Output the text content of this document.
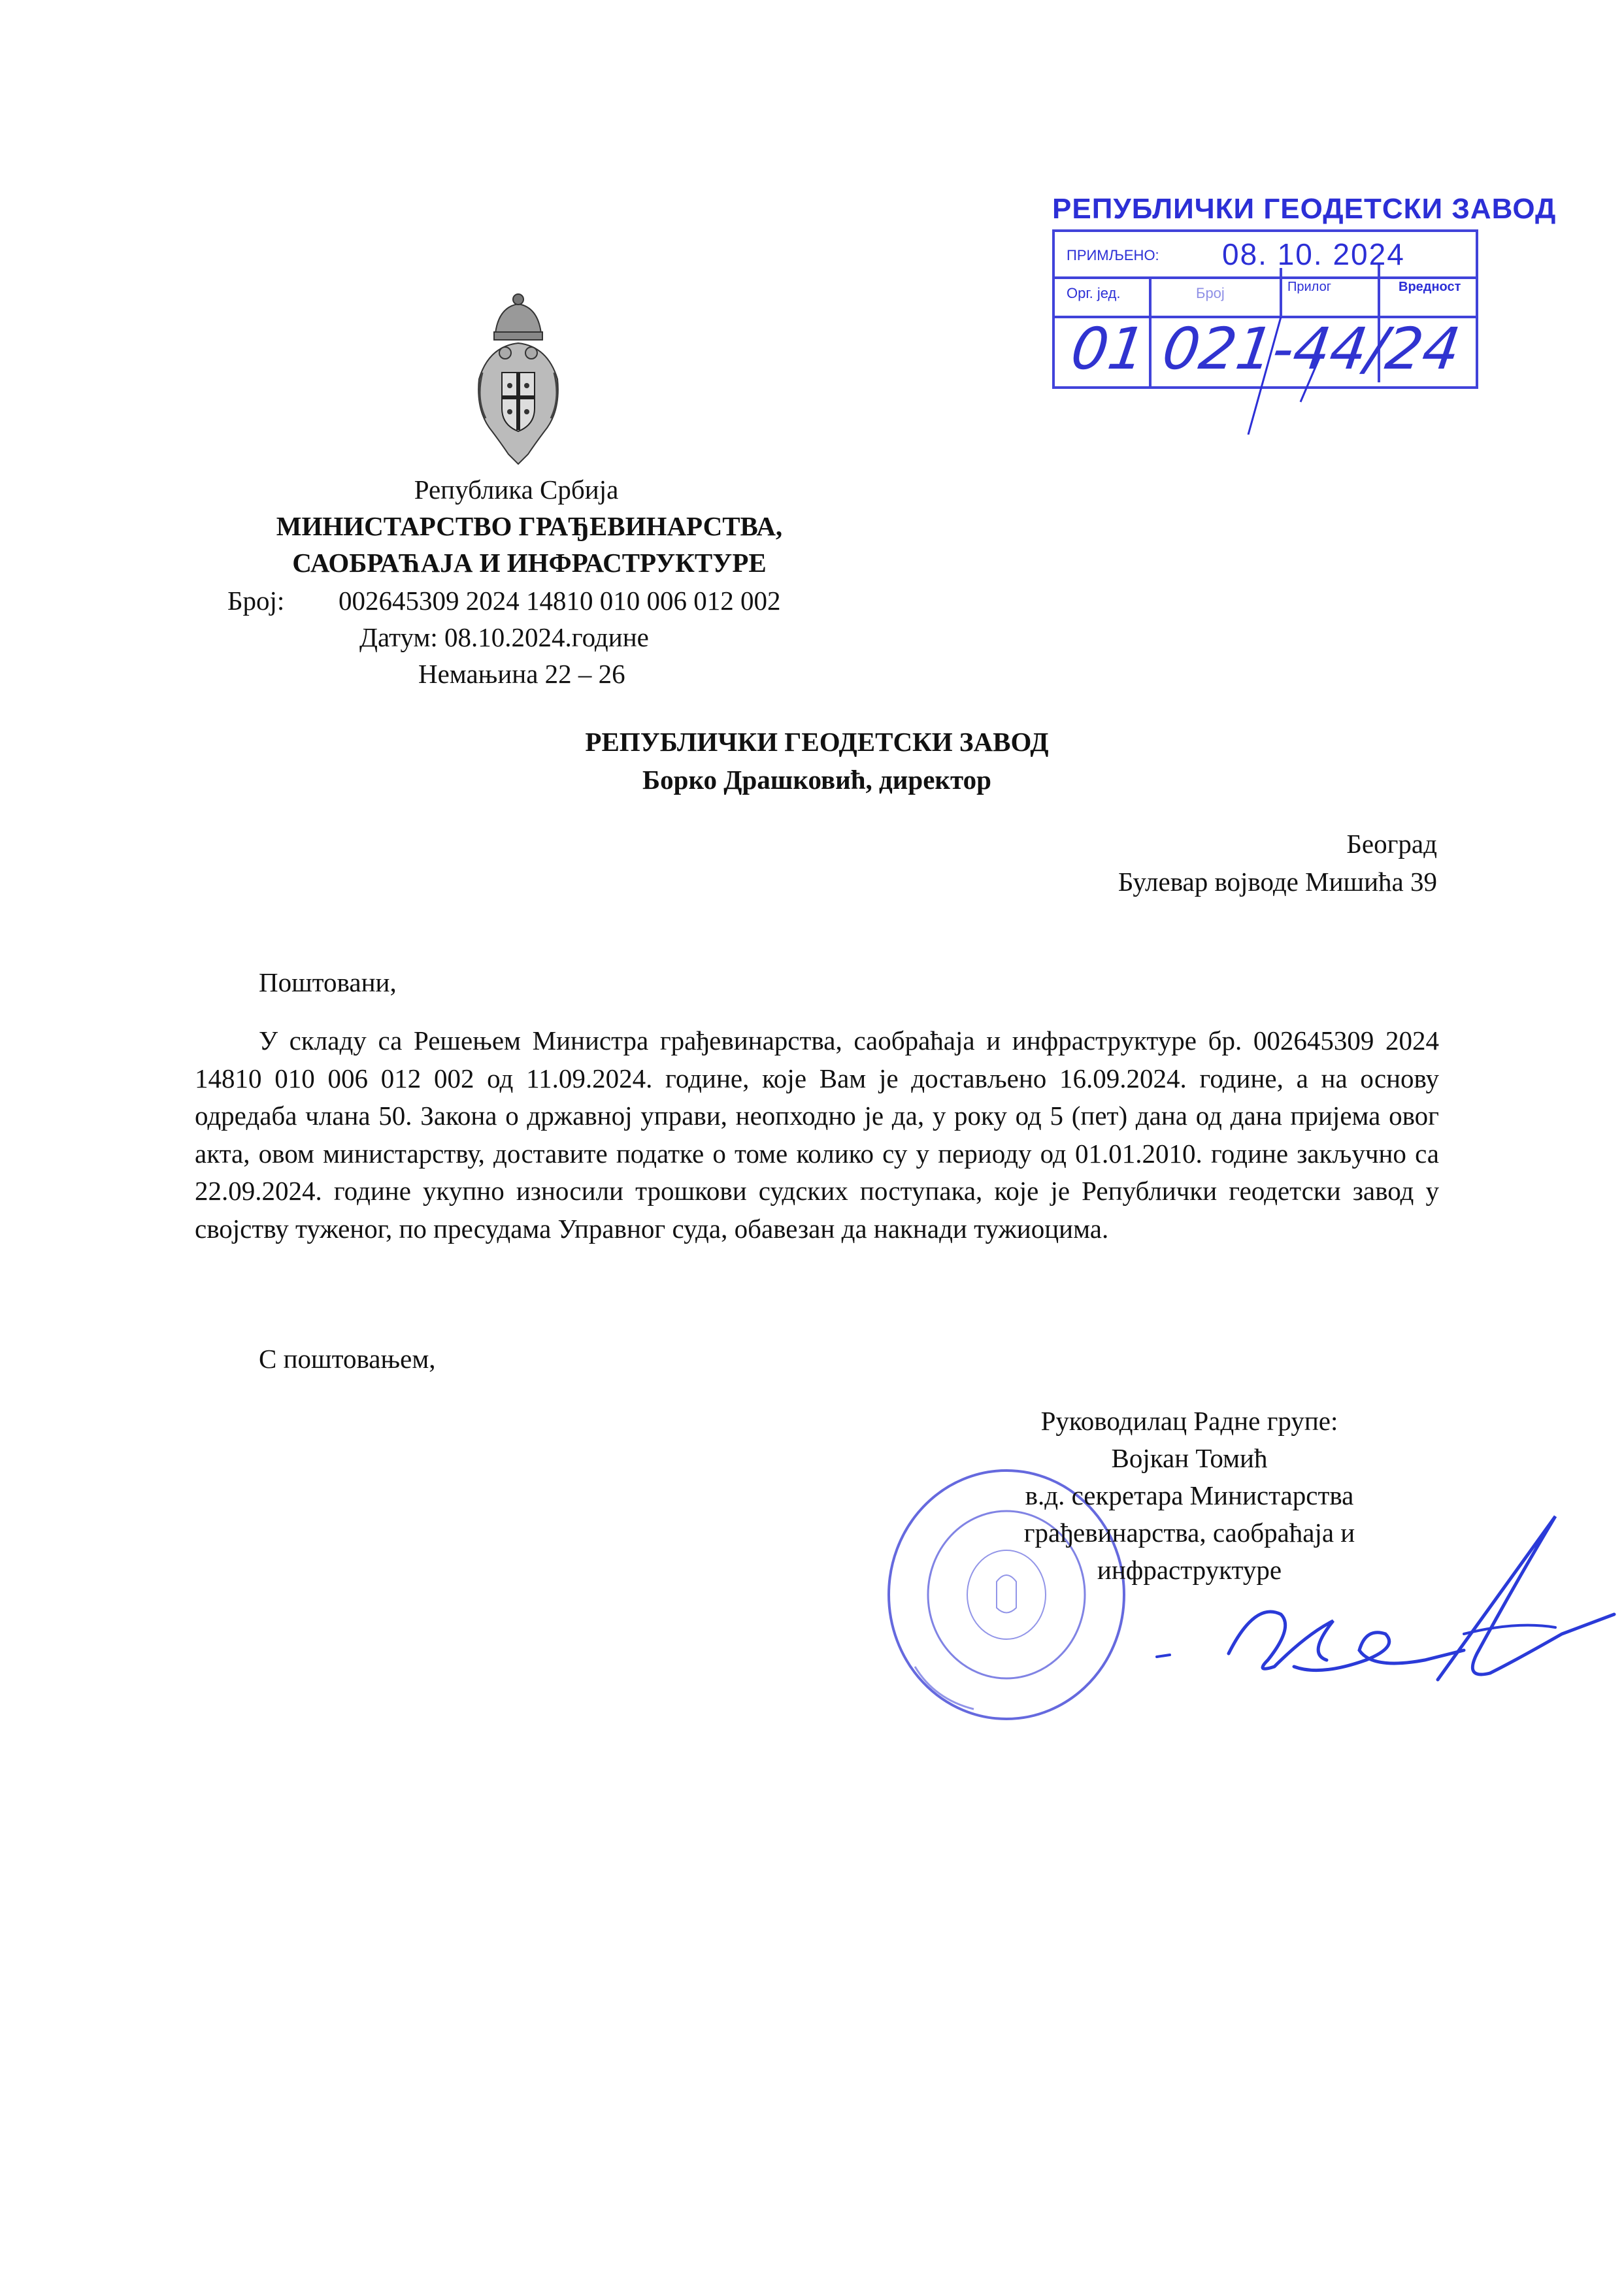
Република Србија
МИНИСТАРСТВО ГРАЂЕВИНАРСТВА,
САОБРАЋАЈА И ИНФРАСТРУКТУРЕ
Број: 002645309 2024 14810 010 006 012 002
Датум: 08.10.2024.године
Немањина 22 – 26
РЕПУБЛИЧКИ ГЕОДЕТСКИ ЗАВОД
Борко Драшковић, директор
Београд
Булевар војводе Мишића 39
Поштовани,
У складу са Решењем Министра грађевинарства, саобраћаја и инфраструктуре бр. 002645309 2024 14810 010 006 012 002 од 11.09.2024. године, које Вам је достављено 16.09.2024. године, а на основу одредаба члана 50. Закона о државној управи, неопходно је да, у року од 5 (пет) дана од дана пријема овог акта, овом министарству, доставите податке о томе колико су у периоду од 01.01.2010. године закључно са 22.09.2024. године укупно износили трошкови судских поступака, које је Републички геодетски завод у својству туженог, по пресудама Управног суда, обавезан да накнади тужиоцима.
С поштовањем,
Руководилац Радне групе:
Војкан Томић
в.д. секретара Министарства
грађевинарства, саобраћаја и
инфраструктуре
РЕПУБЛИЧКИ ГЕОДЕТСКИ ЗАВОД
ПРИМЉЕНО: 08. 10. 2024
Орг. јед.	Број	Прилог	Вредност
01 021-44/24
